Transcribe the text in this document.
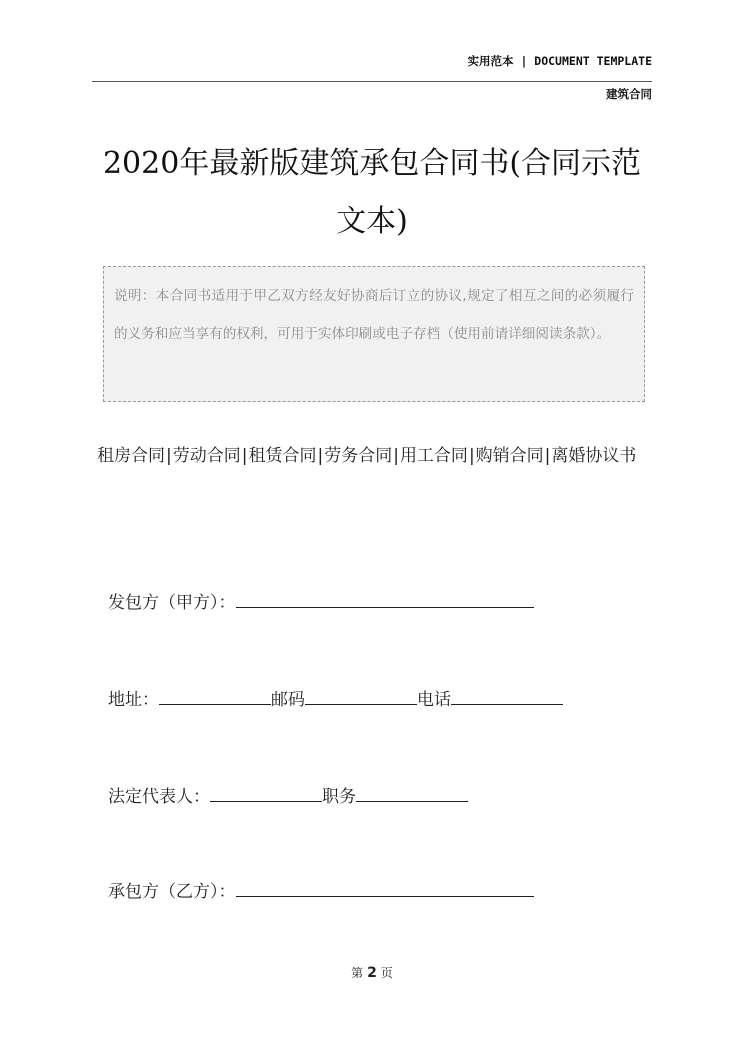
实用范本 | DOCUMENT TEMPLATE
建筑合同
2020年最新版建筑承包合同书(合同示范
文本)
说明：本合同书适用于甲乙双方经友好协商后订立的协议,规定了相互之间的必须履行的义务和应当享有的权利，可用于实体印刷或电子存档（使用前请详细阅读条款）。
租房合同|劳动合同|租赁合同|劳务合同|用工合同|购销合同|离婚协议书
发包方（甲方）：
地址：	邮码	电话
法定代表人：	职务
承包方（乙方）：
第 2 页
